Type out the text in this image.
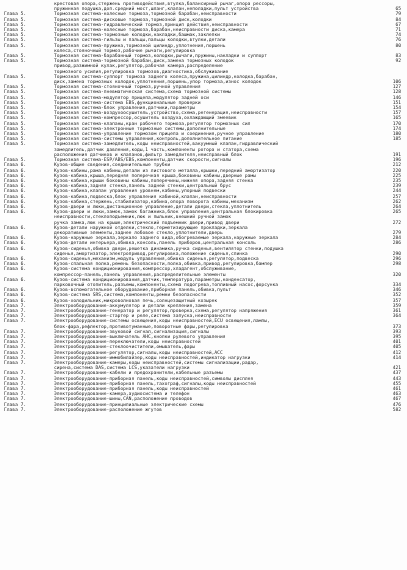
крестовая опора,стержень противодействия,втулка,балансирный рычаг,опора рессоры,
пружинная подушка,доп.средний мост,шланг,клапан,неполадки,пульт устройства	65
Глава 5.	Тормозная система-колесные тормоза,тормозной барабан,неисправности	79
Глава 5.	Тормозная система-дисковые тормоза,тормозной диск,колодки	84
Глава 5.	Тормозная система-гидравлический тормоз,принцип действия,неисправности	67
Глава 5.	Тормозная система-колесные тормоза,барабан,неисправности диска,камера	71
Глава 5.	Тормозная система-тормозные колодки,накладки,башмак,заклепки	74
Глава 5.	Тормозная система-гильзы и пальцы,пальцы колодки,втулки,детали	76
Глава 5.	Тормозная система-пружина,тормозной цилиндр,уплотнения,поршень	80
колеса,стояночный тормоз,рабочие рычаги,регулировка
Глава 5.	Тормозная система-барабанный тормоз,колодки,рычаги,пружины,накладки и суппорт	83
Глава 5.	Тормозная система-тормозной барабан,диск,замена тормозных колодок	92
привод,разжимной кулак,регулятор,рабочая камера,распределение
тормозного усилия,регулировка тормозов,диагностика,обслуживание
Глава 5.	Тормозная система-суппорт тормоза заднего колеса,пружина,цилиндр,колодка,барабан,
диск,замена тормозных колодок,уплотнения,поршень,упор тормоза,износ колодок	106
Глава 5.	Тормозная система-стояночный тормоз,ручной управления	127
Глава 5.	Тормозная система-пневматическая система,схема тормозной системы	128
Глава 5.	Тормозная система-модулятор прицепа,модулятор задней оси	146
Глава 5.	Тормозная система-система EBS,функциональные проверки	151
Глава 5.	Тормозная система-блок управления,датчики,параметры	154
Глава 5.	Тормозная система-воздухоосушитель,устройство,схема,регенерация,неисправности	157
Глава 5.	Тормозная система-компрессор,осушитель воздуха,охлаждающий змеевик	165
Глава 5.	Тормозная система-клапаны,кран рабочего тормоза,регулятор тормозных сил	170
Глава 5.	Тормозная система-электронные тормозные системы,дополнительные	174
Глава 5.	Тормозная система-управление тормозом прицепа и соединения,ручное управление	180
Глава 5.	Тормозная система-системы управления,контроль,дополнительное питание	185
Глава 5.	Тормозная система-замедлитель,коды неисправностей,вакуумный клапан,гидравлический
замедлитель,датчик давления,коды,1 часть,компоненты ротора и статора,схема
расположения датчиков и клапанов,фильтр замедлителя,неисправный блок	191
Глава 5.	Тормозная система-ESP/ABS/EBS,компоненты,датчик скорости,сигналы	196
Глава 6.	Кузов-общие сведения,соединительные трубки	212
Глава 6.	Кузов-кабины,рама кабины,детали из листового металла,крышки,передний амортизатор	220
Глава 6.	Кузов-кабина,крыша,передняя поперечная крыша,боковины кабины,дверные рамы	225
Глава 6.	Кузов-кабина,крыши боковины кабины,поперечины,нижняя опора,задняя стенка	235
Глава 6.	Кузов-кабина,задняя стенка,панель задней стенки,центральный брус	239
Глава 6.	Кузов-кабина,клапан управления уровнем,кабины,упорный подвески	244
Глава 6.	Кузов-кабина,подвеска,блок управления кабиной,клапан,неисправности	257
Глава 6.	Кузов-кабина,стержень,стабилизатор,кабина,опора поворота кабины,механизм	262
Глава 6.	Кузов-двери и люки,дистанционное управление,детали двери,стекла,уплотнитель	264
Глава 6.	Кузов-двери и люки,замок,замок багажника,блок управления,центральная блокировка	265
неисправности,стеклоподъемник,люк и пыльник,внешний ручной замок
ручка замка,люк на крыше,электрический подъемник двери,привод двери	272
Глава 6.	Кузов-детали наружной отделки,стекло,герметизирующие прокладки,зеркала
декоративные элементы,заднее лобовое стекло,уплотнители,дверь	279
Глава 6.	Кузов-наружные зеркала,зеркало заднего вида,обогреваемые зеркала,наружные зеркала	284
Глава 6.	Кузов-детали интерьера,обивка,консоль,панель приборов,центральная консоль	286
Глава 6.	Кузов-сиденья,обивка двери,решетка динамика,ручка сиденья,вентилятор стенки,подушка
сиденья,амортизатор,электропривод,регулировка,положение сиденья,спинка	290
Глава 6.	Кузов-сиденья,механизм,модуль управления,обивка сиденья,регулятор,подвеска	296
Глава 6.	Кузов-спальная полка,ремень безопасности,полка,обивка,привод,регулировка,бампер	298
Глава 6.	Кузов-система кондиционирования,компрессор,хладагент,обслуживание,
компрессор-панель,панель управления,распределительные элементы	320
Глава 6.	Кузов-система кондиционирования,датчик,температура,параметры,конденсатор,
парковочный отопитель,разъемы,компоненты,схема подогрева,топливный насос,форсунка	334
Глава 6.	Кузов-вспомогательное оборудование,приборная панель,обивка,пульт	346
Глава 6.	Кузов-система SRS,система,компоненты,ремни безопасности	352
Глава 6.	Кузов-холодильник,микроволновая печь,солнцезащитный козырек	357
Глава 7.	Электрооборудование-аккумулятор и детали крепления,замена	359
Глава 7.	Электрооборудование-генератор и регулятор,проверка,схема,регулятор напряжения	361
Глава 7.	Электрооборудование-стартер и реле,система запуска,неисправности	364
Глава 7.	Электрооборудование-системы освещения,коды неисправностей,ECU освещения,лампы,
блок-фара,рефлектор,противотуманные,поворотные фары,регулировка	373
Глава 7.	Электрооборудование-звуковой сигнал,сигнализация,сигналы	393
Глава 7.	Электрооборудование-выключатель AHC,кнопки рулевого управления	395
Глава 7.	Электрооборудование-переключатели,коды неисправностей	401
Глава 7.	Электрооборудование-стеклоочистители,омыватель,фары	405
Глава 7.	Электрооборудование-регулятор,сигналы,коды неисправностей,ACC	412
Глава 7.	Электрооборудование-иммобилайзер,коды неисправностей,индикатор нагрузки	414
Глава 7.	Электрооборудование-камеры,коды неисправностей,системы сигнализации,радар,
сирена,система DAS,система LCS,указатели нагрузки	421
Глава 7.	Электрооборудование-кабели и предохранители,кабельные разъемы	437
Глава 7.	Электрооборудование-приборная панель,коды неисправностей,символы дисплея	443
Глава 7.	Электрооборудование-приборная панель,тахограф,сигналы,коды неисправностей	455
Глава 7.	Электрооборудование-приборная панель,коды неисправностей	461
Глава 7.	Электрооборудование-камера,аудиосистема и телефон	463
Глава 7.	Электрооборудование-шины,CAN,расположение проводов	467
Глава 7.	Электрооборудование-принципиальные электрические схемы	476
Глава 7.	Электрооборудование-расположение жгутов	582
